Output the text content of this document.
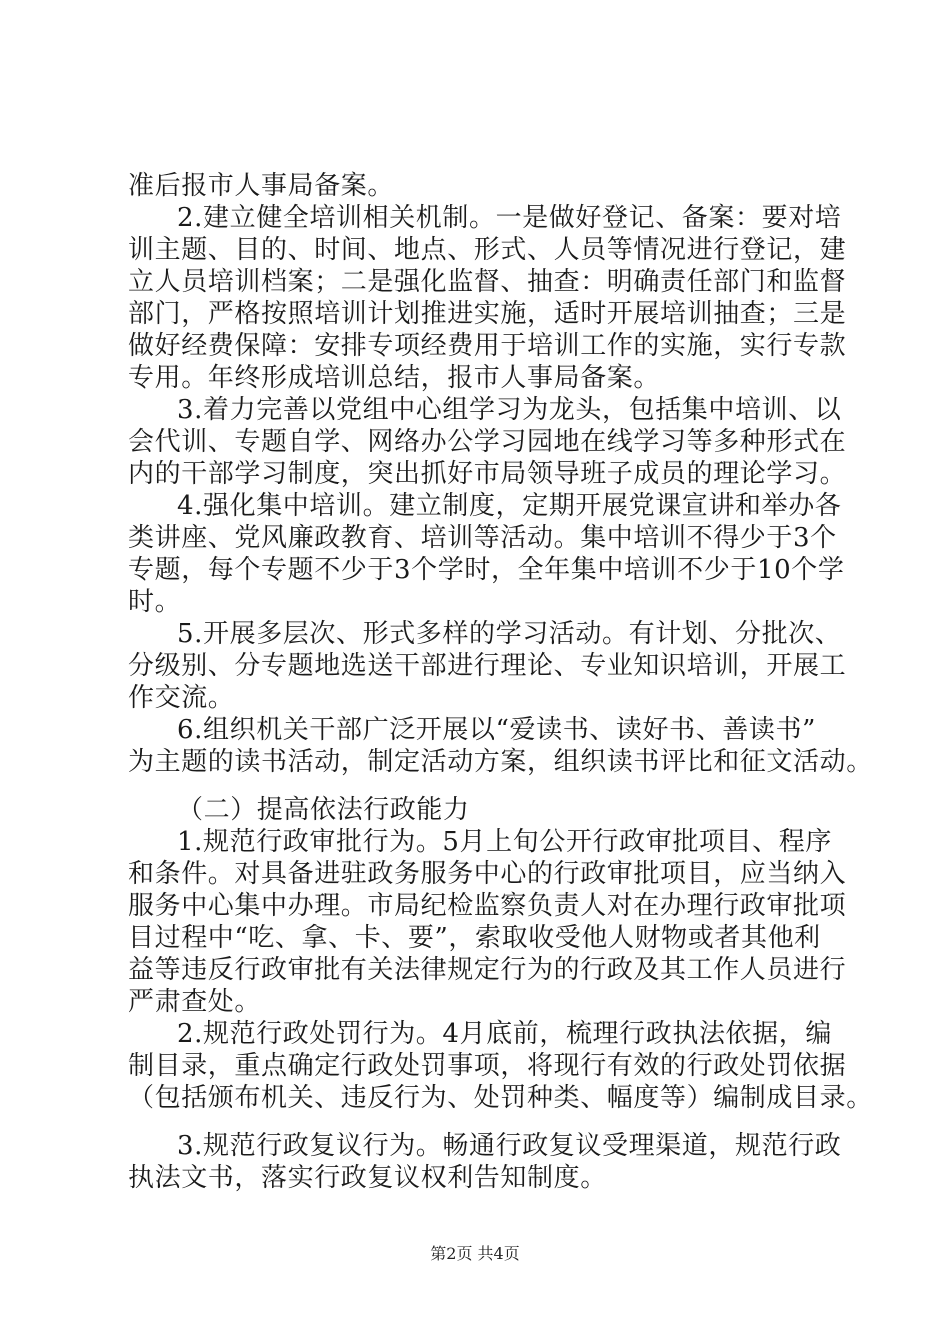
准后报市人事局备案。
2.建立健全培训相关机制。一是做好登记、备案：要对培
训主题、目的、时间、地点、形式、人员等情况进行登记，建
立人员培训档案；二是强化监督、抽查：明确责任部门和监督
部门，严格按照培训计划推进实施，适时开展培训抽查；三是
做好经费保障：安排专项经费用于培训工作的实施，实行专款
专用。年终形成培训总结，报市人事局备案。
3.着力完善以党组中心组学习为龙头，包括集中培训、以
会代训、专题自学、网络办公学习园地在线学习等多种形式在
内的干部学习制度，突出抓好市局领导班子成员的理论学习。
4.强化集中培训。建立制度，定期开展党课宣讲和举办各
类讲座、党风廉政教育、培训等活动。集中培训不得少于3个
专题，每个专题不少于3个学时，全年集中培训不少于10个学
时。
5.开展多层次、形式多样的学习活动。有计划、分批次、
分级别、分专题地选送干部进行理论、专业知识培训，开展工
作交流。
6.组织机关干部广泛开展以“爱读书、读好书、善读书”
为主题的读书活动，制定活动方案，组织读书评比和征文活动。
（二）提高依法行政能力
1.规范行政审批行为。5月上旬公开行政审批项目、程序
和条件。对具备进驻政务服务中心的行政审批项目，应当纳入
服务中心集中办理。市局纪检监察负责人对在办理行政审批项
目过程中“吃、拿、卡、要”，索取收受他人财物或者其他利
益等违反行政审批有关法律规定行为的行政及其工作人员进行
严肃查处。
2.规范行政处罚行为。4月底前，梳理行政执法依据，编
制目录，重点确定行政处罚事项，将现行有效的行政处罚依据
（包括颁布机关、违反行为、处罚种类、幅度等）编制成目录。
3.规范行政复议行为。畅通行政复议受理渠道，规范行政
执法文书，落实行政复议权利告知制度。
第2页 共4页
